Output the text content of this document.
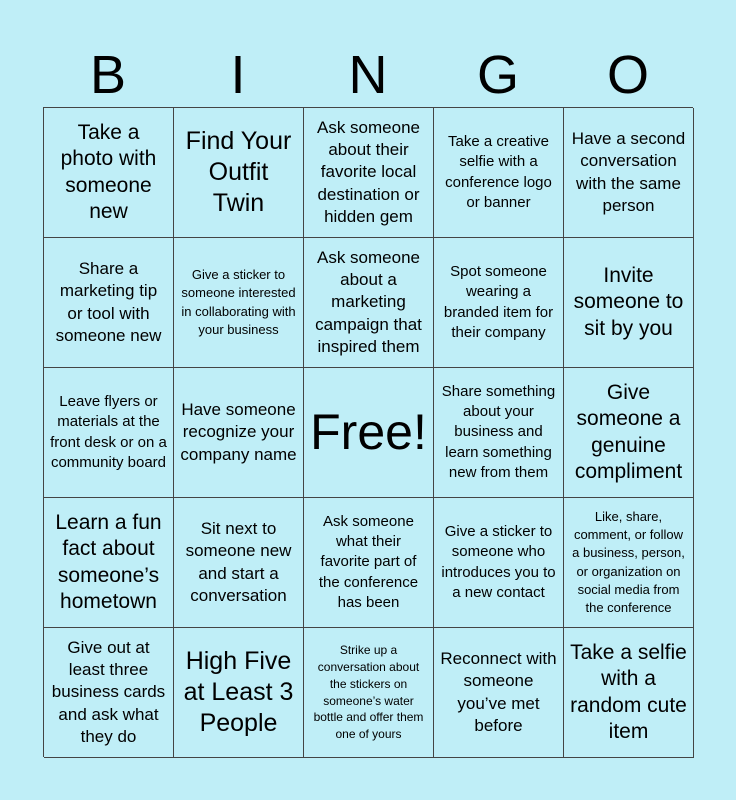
B	I	N	G	O
Take a photo with someone new
Find Your Outfit Twin
Ask someone about their favorite local destination or hidden gem
Take a creative selfie with a conference logo or banner
Have a second conversation with the same person
Share a marketing tip or tool with someone new
Give a sticker to someone interested in collaborating with your business
Ask someone about a marketing campaign that inspired them
Spot someone wearing a branded item for their company
Invite someone to sit by you
Leave flyers or materials at the front desk or on a community board
Have someone recognize your company name Free!
Share something about your business and learn something new from them
Give someone a genuine compliment
Learn a fun fact about someone’s hometown
Sit next to someone new and start a conversation
Ask someone what their favorite part of the conference has been
Give a sticker to someone who introduces you to a new contact
Like, share, comment, or follow a business, person, or organization on social media from the conference
Give out at least three business cards and ask what they do
High Five at Least 3 People
Strike up a conversation about the stickers on someone’s water bottle and offer them one of yours
Reconnect with someone you’ve met before
Take a selfie with a random cute item
